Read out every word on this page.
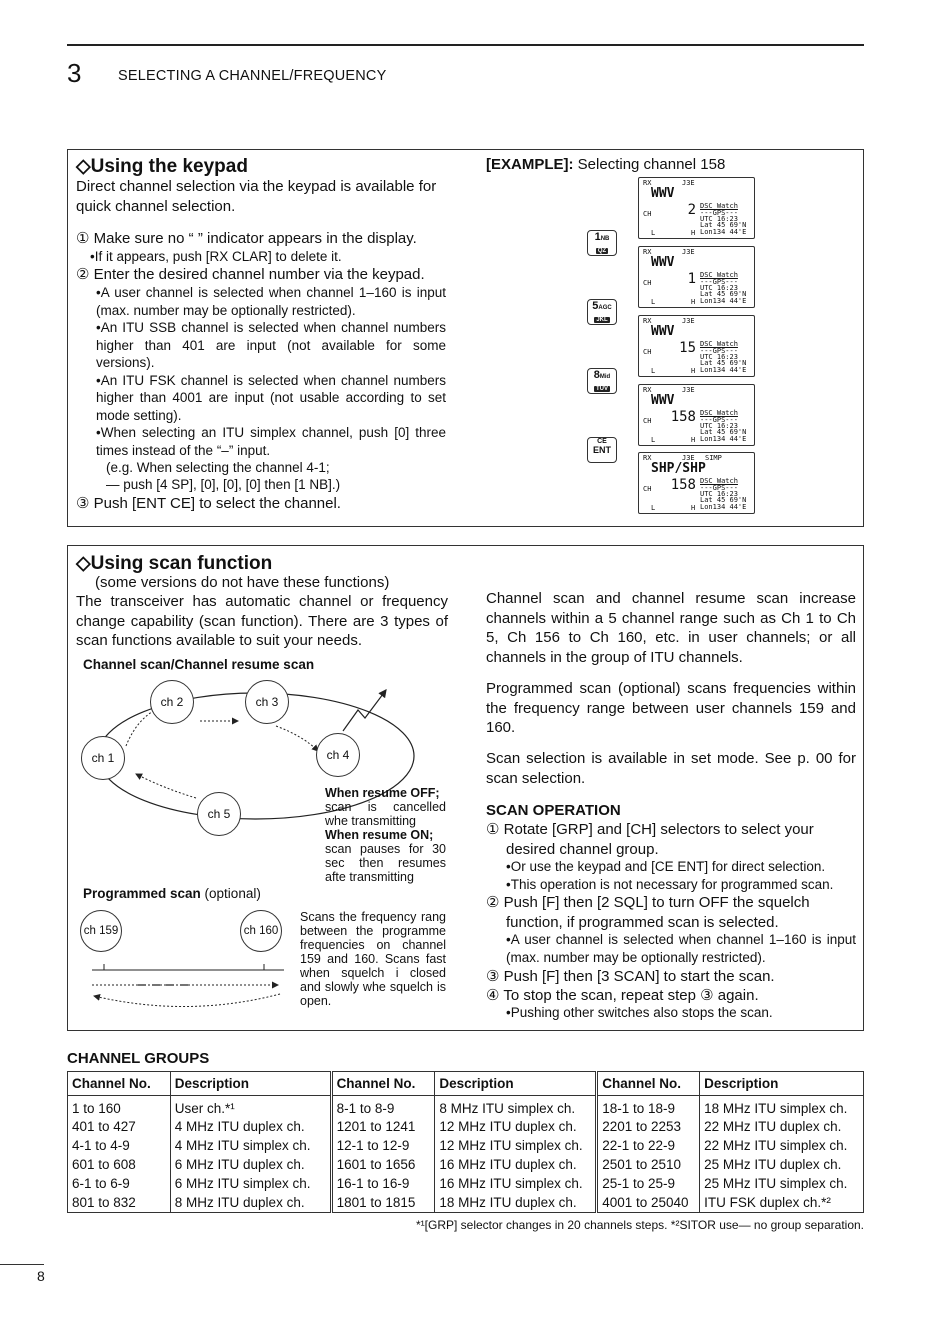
3	SELECTING A CHANNEL/FREQUENCY
◇Using the keypad
Direct channel selection via the keypad is available for quick channel selection.
① Make sure no “ ” indicator appears in the display.
•If it appears, push [RX CLAR] to delete it.
② Enter the desired channel number via the keypad.
•A user channel is selected when channel 1–160 is input (max. number may be optionally restricted).
•An ITU SSB channel is selected when channel numbers higher than 401 are input (not available for some versions).
•An ITU FSK channel is selected when channel numbers higher than 4001 are input (not usable according to set mode setting).
•When selecting an ITU simplex channel, push [0] three times instead of the “–” input.
(e.g. When selecting the channel 4-1;
— push [4 SP], [0], [0], [0] then [1 NB].)
③ Push [ENT CE] to select the channel.
[EXAMPLE]: Selecting channel 158
1NB
QZ
5AGC
JKL
8Mid
TUV
CE
ENT
RX	J3E
WWV
CH	2 DSC Watch
---GPS---
UTC 16:23
Lat 45 69'N
L	H Lon134 44'E
RX	J3E
WWV
CH	1 DSC Watch
---GPS---
UTC 16:23
Lat 45 69'N
L	H Lon134 44'E
RX	J3E
WWV
CH 15 DSC Watch
---GPS---
UTC 16:23
Lat 45 69'N
L	H Lon134 44'E
RX	J3E
WWV
CH 158 DSC Watch
---GPS---
UTC 16:23
Lat 45 69'N
L	H Lon134 44'E
RX	J3E SIMP
SHP/SHP
CH 158 DSC Watch
---GPS---
UTC 16:23
Lat 45 69'N
L	H Lon134 44'E
◇Using scan function
(some versions do not have these functions)
The transceiver has automatic channel or frequency change capability (scan function). There are 3 types of scan functions available to suit your needs.
Channel scan/Channel resume scan
ch 1
ch 2	ch 3
ch 4
ch 5
When resume OFF;
scan is cancelled whe transmitting
When resume ON;
scan pauses for 30 sec then resumes afte transmitting
Programmed scan (optional)
ch 159	ch 160
Scans the frequency rang between the programme frequencies on channel 159 and 160. Scans fast when squelch i closed and slowly whe squelch is open.
Channel scan and channel resume scan increase channels within a 5 channel range such as Ch 1 to Ch 5, Ch 156 to Ch 160, etc. in user channels; or all channels in the group of ITU channels.
Programmed scan (optional) scans frequencies within the frequency range between user channels 159 and 160.
Scan selection is available in set mode. See p. 00 for scan selection.
SCAN OPERATION
① Rotate [GRP] and [CH] selectors to select your desired channel group.
•Or use the keypad and [CE ENT] for direct selection.
•This operation is not necessary for programmed scan.
② Push [F] then [2 SQL] to turn OFF the squelch function, if programmed scan is selected.
•A user channel is selected when channel 1–160 is input (max. number may be optionally restricted).
③ Push [F] then [3 SCAN] to start the scan.
④ To stop the scan, repeat step ③ again.
•Pushing other switches also stops the scan.
CHANNEL GROUPS
Channel No.	Description	Channel No.	Description	Channel No.	Description
1 to 160	User ch.*¹	8-1 to 8-9	8 MHz ITU simplex ch.	18-1 to 18-9	18 MHz ITU simplex ch.
401 to 427	4 MHz ITU duplex ch.	1201 to 1241	12 MHz ITU duplex ch.	2201 to 2253	22 MHz ITU duplex ch.
4-1 to 4-9	4 MHz ITU simplex ch.	12-1 to 12-9	12 MHz ITU simplex ch.	22-1 to 22-9	22 MHz ITU simplex ch.
601 to 608	6 MHz ITU duplex ch.	1601 to 1656	16 MHz ITU duplex ch.	2501 to 2510	25 MHz ITU duplex ch.
6-1 to 6-9	6 MHz ITU simplex ch.	16-1 to 16-9	16 MHz ITU simplex ch.	25-1 to 25-9	25 MHz ITU simplex ch.
801 to 832	8 MHz ITU duplex ch.	1801 to 1815	18 MHz ITU duplex ch.	4001 to 25040	ITU FSK duplex ch.*²
*¹[GRP] selector changes in 20 channels steps. *²SITOR use— no group separation.
8
